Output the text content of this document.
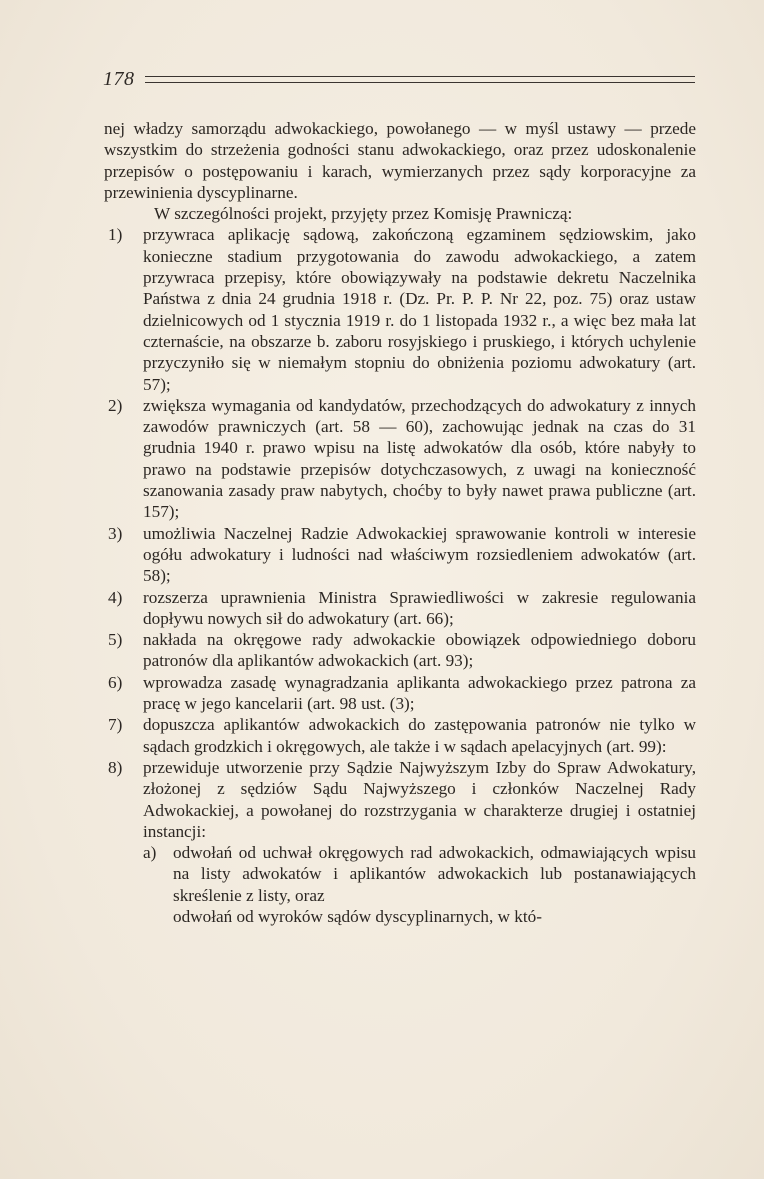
178

nej władzy samorządu adwokackiego, powołanego — w myśl ustawy — przede wszystkim do strzeżenia godności stanu adwokackiego, oraz przez udoskonalenie przepisów o postępowaniu i karach, wymierzanych przez sądy korporacyjne za przewinienia dyscyplinarne.

W szczególności projekt, przyjęty przez Komisję Prawniczą:

1) przywraca aplikację sądową, zakończoną egzaminem sędziowskim, jako konieczne stadium przygotowania do zawodu adwokackiego, a zatem przywraca przepisy, które obowiązywały na podstawie dekretu Naczelnika Państwa z dnia 24 grudnia 1918 r. (Dz. Pr. P. P. Nr 22, poz. 75) oraz ustaw dzielnicowych od 1 stycznia 1919 r. do 1 listopada 1932 r., a więc bez mała lat czternaście, na obszarze b. zaboru rosyjskiego i pruskiego, i których uchylenie przyczyniło się w niemałym stopniu do obniżenia poziomu adwokatury (art. 57);
2) zwiększa wymagania od kandydatów, przechodzących do adwokatury z innych zawodów prawniczych (art. 58 — 60), zachowując jednak na czas do 31 grudnia 1940 r. prawo wpisu na listę adwokatów dla osób, które nabyły to prawo na podstawie przepisów dotychczasowych, z uwagi na konieczność szanowania zasady praw nabytych, choćby to były nawet prawa publiczne (art. 157);
3) umożliwia Naczelnej Radzie Adwokackiej sprawowanie kontroli w interesie ogółu adwokatury i ludności nad właściwym rozsiedleniem adwokatów (art. 58);
4) rozszerza uprawnienia Ministra Sprawiedliwości w zakresie regulowania dopływu nowych sił do adwokatury (art. 66);
5) nakłada na okręgowe rady adwokackie obowiązek odpowiedniego doboru patronów dla aplikantów adwokackich (art. 93);
6) wprowadza zasadę wynagradzania aplikanta adwokackiego przez patrona za pracę w jego kancelarii (art. 98 ust. (3);
7) dopuszcza aplikantów adwokackich do zastępowania patronów nie tylko w sądach grodzkich i okręgowych, ale także i w sądach apelacyjnych (art. 99):
8) przewiduje utworzenie przy Sądzie Najwyższym Izby do Spraw Adwokatury, złożonej z sędziów Sądu Najwyższego i członków Naczelnej Rady Adwokackiej, a powołanej do rozstrzygania w charakterze drugiej i ostatniej instancji:
a) odwołań od uchwał okręgowych rad adwokackich, odmawiających wpisu na listy adwokatów i aplikantów adwokackich lub postanawiających skreślenie z listy, oraz
odwołań od wyroków sądów dyscyplinarnych, w któ-
